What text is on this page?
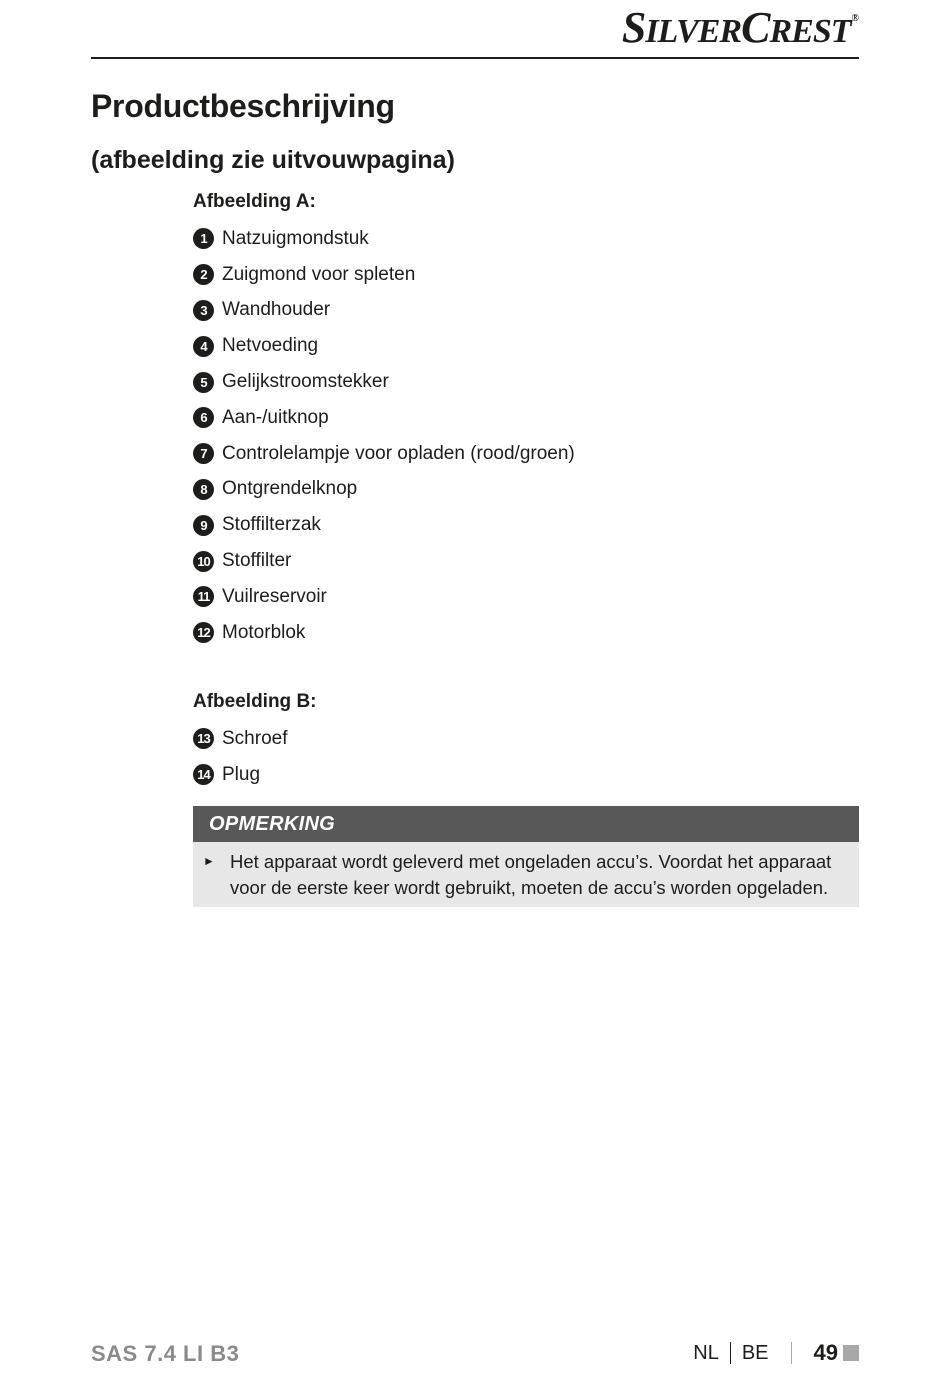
SILVERCREST®
Productbeschrijving
(afbeelding zie uitvouwpagina)
Afbeelding A:
1 Natzuigmondstuk
2 Zuigmond voor spleten
3 Wandhouder
4 Netvoeding
5 Gelijkstroomstekker
6 Aan-/uitknop
7 Controlelampje voor opladen (rood/groen)
8 Ontgrendelknop
9 Stoffilterzak
10 Stoffilter
11 Vuilreservoir
12 Motorblok
Afbeelding B:
13 Schroef
14 Plug
OPMERKING
► Het apparaat wordt geleverd met ongeladen accu’s. Voordat het apparaat
voor de eerste keer wordt gebruikt, moeten de accu’s worden opgeladen.
SAS 7.4 LI B3	NL BE 49
